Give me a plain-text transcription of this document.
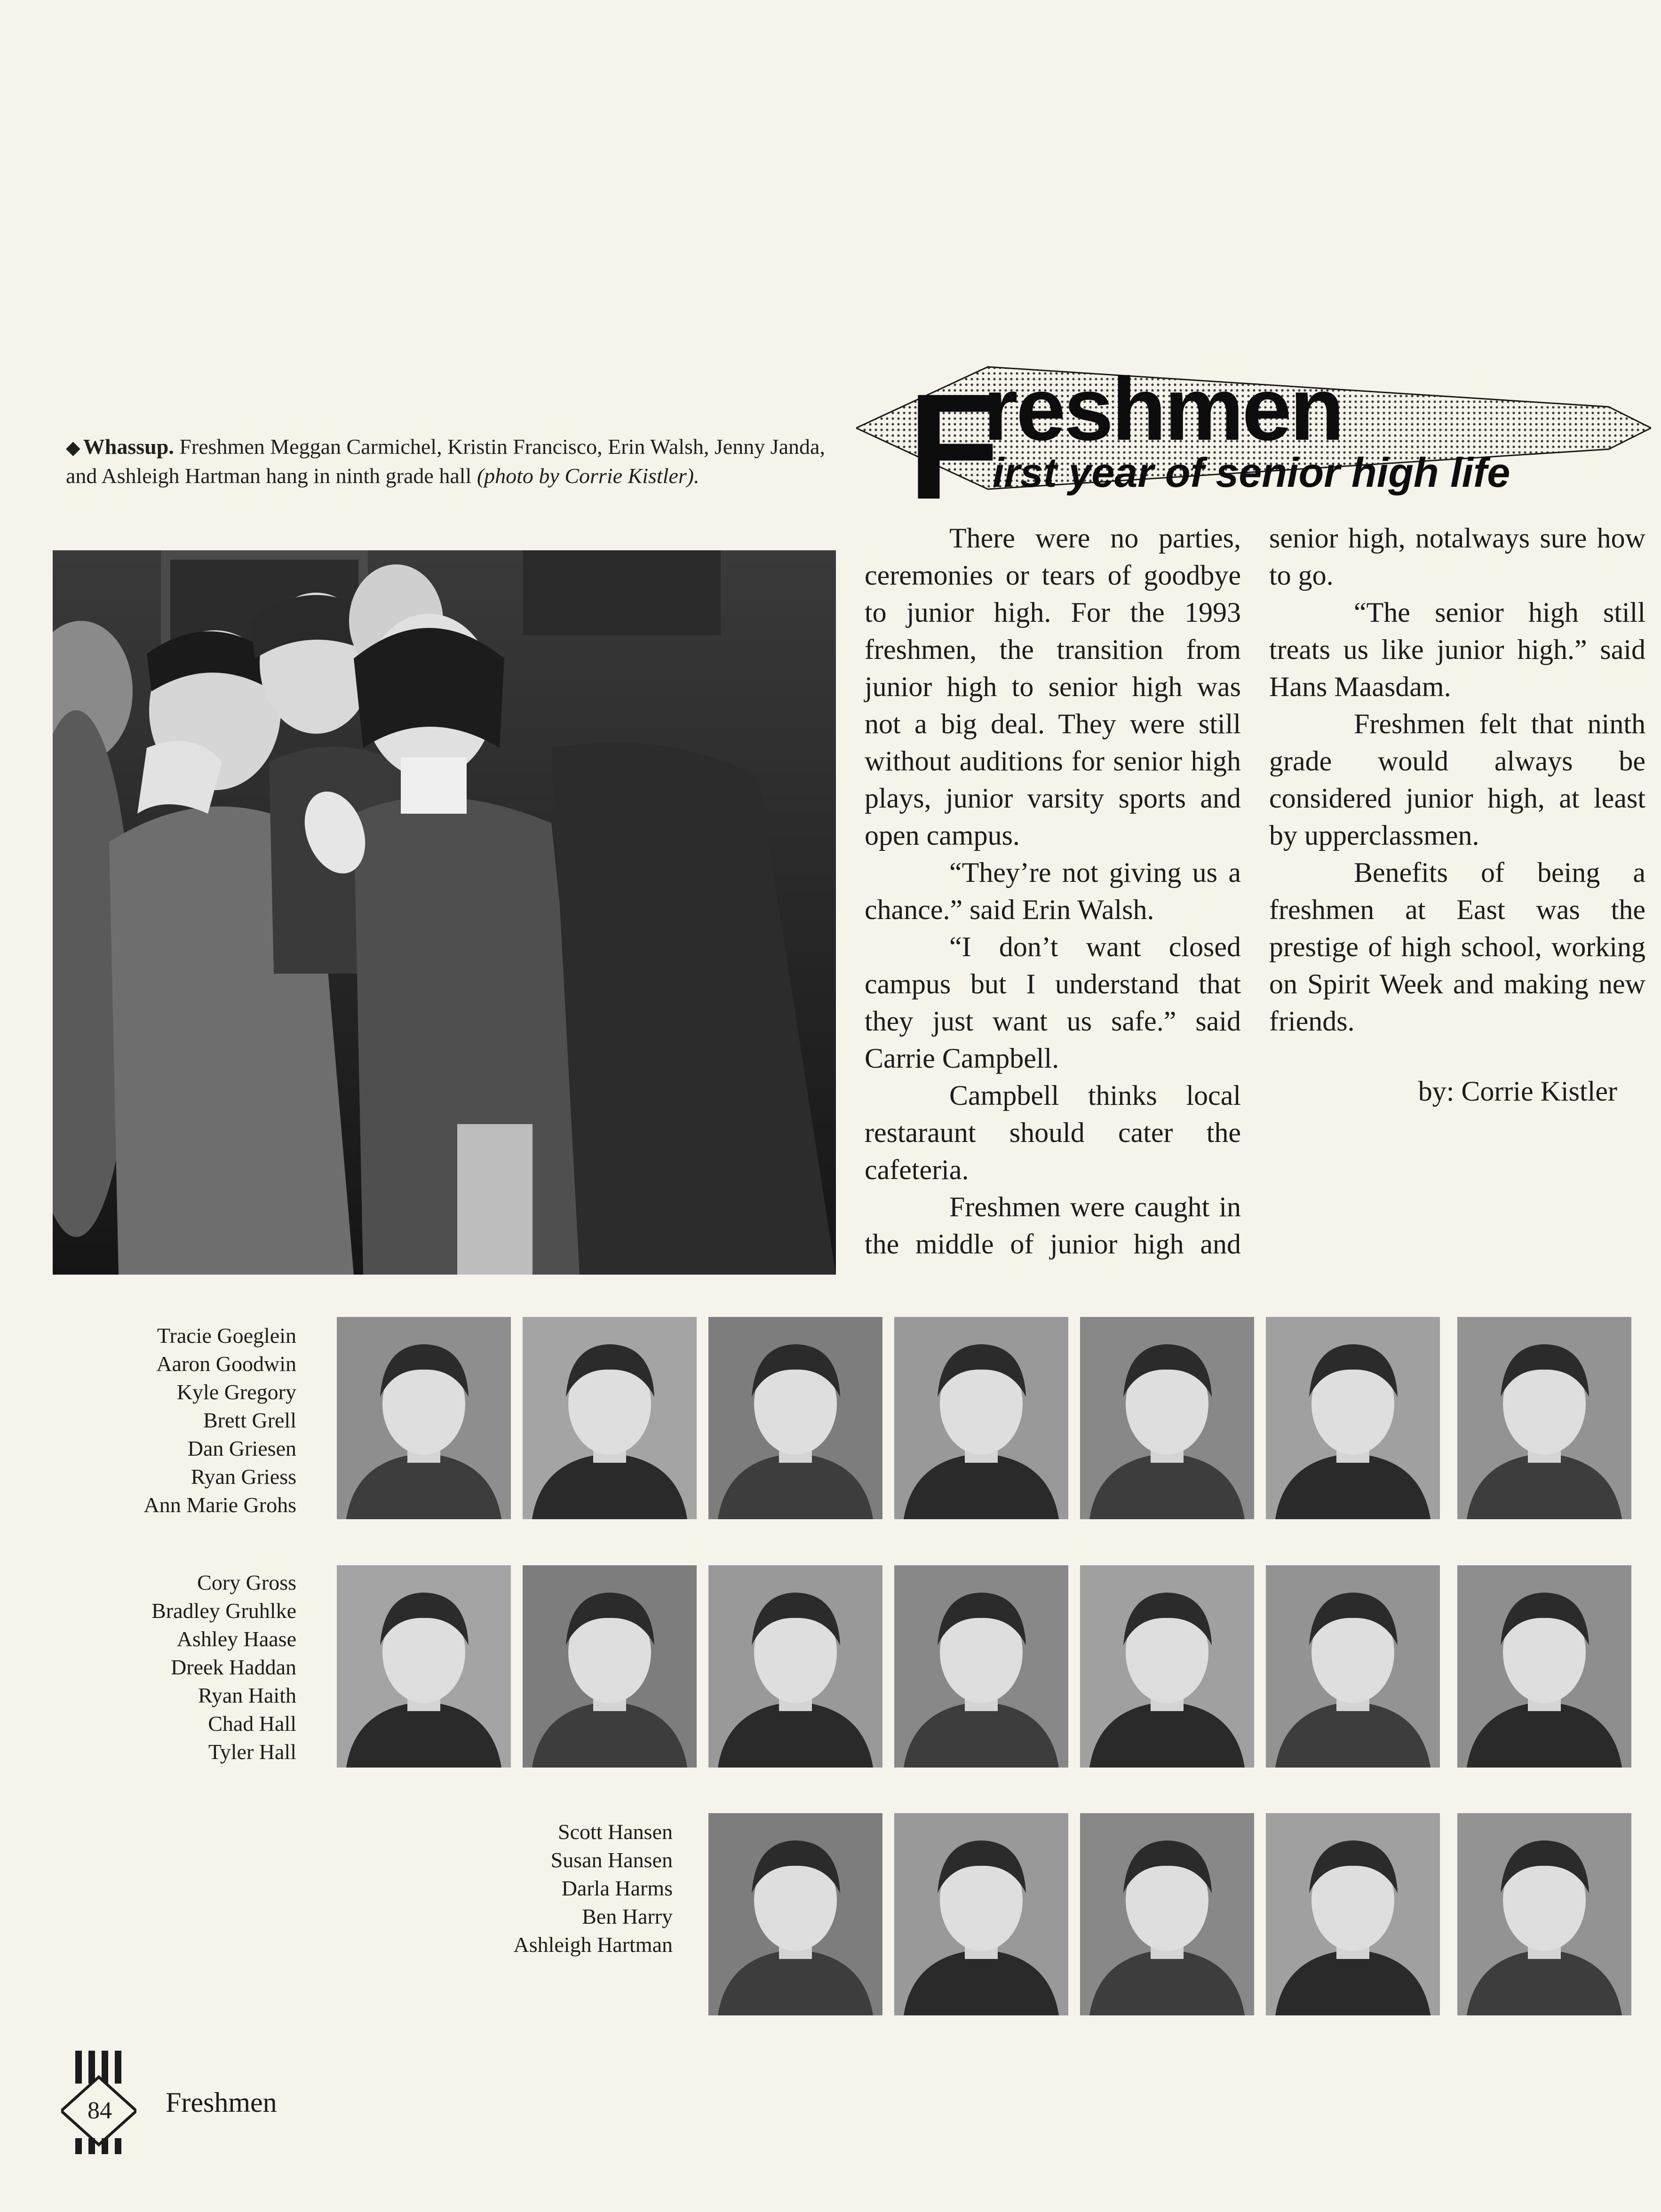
◆ Whassup. Freshmen Meggan Carmichel, Kristin Francisco, Erin Walsh, Jenny Janda, and Ashleigh Hartman hang in ninth grade hall (photo by Corrie Kistler).	F
reshmen
irst year of senior high life

There were no parties, ceremonies or tears of goodbye to junior high. For the 1993 freshmen, the transition from junior high to senior high was not a big deal. They were still without auditions for senior high plays, junior varsity sports and open campus.

“They’re not giving us a chance.” said Erin Walsh.

“I don’t want closed campus but I understand that they just want us safe.” said Carrie Campbell.

Campbell thinks local restaraunt should cater the cafeteria.

Freshmen were caught in the middle of junior high and senior high, notalways sure how to go.

“The senior high still treats us like junior high.” said Hans Maasdam.

Freshmen felt that ninth grade would always be considered junior high, at least by upperclassmen.

Benefits of being a freshmen at East was the prestige of high school, working on Spirit Week and making new friends.

by: Corrie Kistler

Tracie Goeglein
Aaron Goodwin
Kyle Gregory
Brett Grell
Dan Griesen
Ryan Griess
Ann Marie Grohs
Cory Gross
Bradley Gruhlke
Ashley Haase
Dreek Haddan
Ryan Haith
Chad Hall
Tyler Hall
Scott Hansen
Susan Hansen
Darla Harms
Ben Harry
Ashleigh Hartman
84 Freshmen
